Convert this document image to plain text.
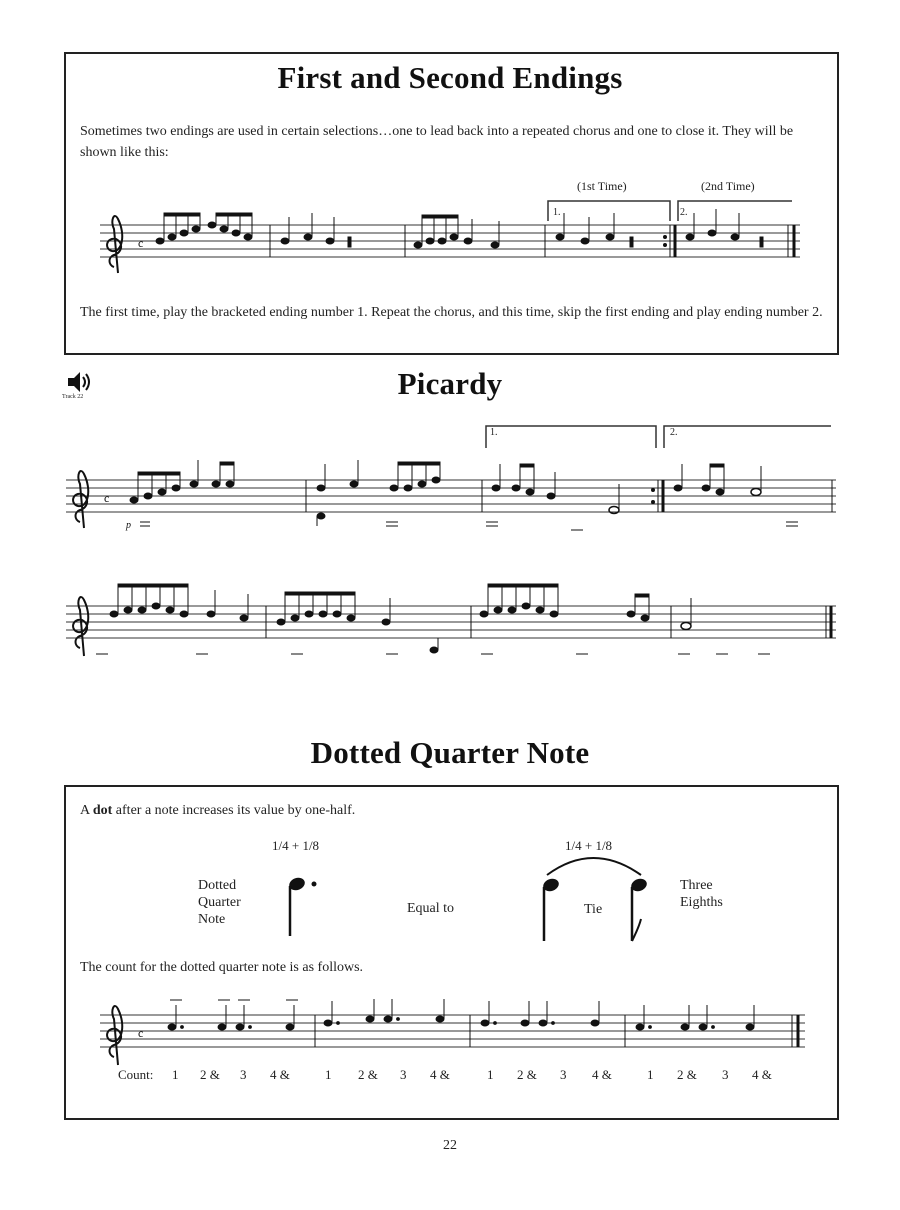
First and Second Endings
Sometimes two endings are used in certain selections…one to lead back into a repeated chorus and one to close it. They will be shown like this:
(1st Time)	(2nd Time)
1.	2.
c
The first time, play the bracketed ending number 1. Repeat the chorus, and this time, skip the first ending and play ending number 2.
Track 22	Picardy
1.	2.
c
p
Dotted Quarter Note
A dot after a note increases its value by one-half.
1/4 + 1/8	1/4 + 1/8
Dotted
Quarter
Note
Equal to	Tie
Three
Eighths
The count for the dotted quarter note is as follows.
c
Count: 1 2 & 3 4 &	1 2 & 3 4 &	1 2 & 3 4 &	1 2 & 3 4 &
22
